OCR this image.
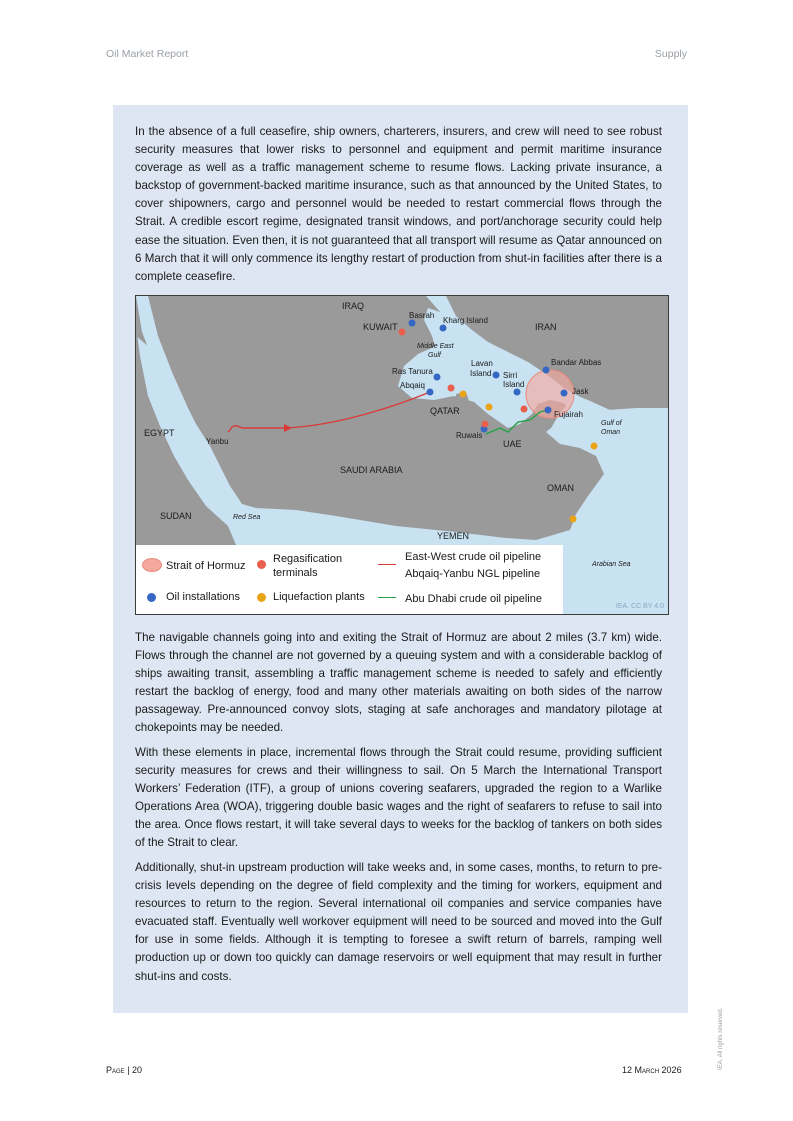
Oil Market Report	Supply

In the absence of a full ceasefire, ship owners, charterers, insurers, and crew will need to see robust security measures that lower risks to personnel and equipment and permit maritime insurance coverage as well as a traffic management scheme to resume flows. Lacking private insurance, a backstop of government-backed maritime insurance, such as that announced by the United States, to cover shipowners, cargo and personnel would be needed to restart commercial flows through the Strait. A credible escort regime, designated transit windows, and port/anchorage security could help ease the situation. Even then, it is not guaranteed that all transport will resume as Qatar announced on 6 March that it will only commence its lengthy restart of production from shut-in facilities after there is a complete ceasefire.

IRAQ
KUWAIT	IRAN
QATAR
EGYPT
SAUDI ARABIA
UAE
OMAN
SUDAN
YEMEN
Basrah
Kharg Island
Ras Tanura
Abqaiq
Lavan
Island Sirri
Island
Bandar Abbas
Jask
Fujairah
Yanbu
Ruwais
Middle East
Gulf
Gulf of
Oman
Red Sea
Arabian Sea
Strait of Hormuz
Regasification
terminals
East-West crude oil pipeline
Abqaiq-Yanbu NGL pipeline
Oil installations	Liquefaction plants	Abu Dhabi crude oil pipeline
IEA. CC BY 4.0

The navigable channels going into and exiting the Strait of Hormuz are about 2 miles (3.7 km) wide. Flows through the channel are not governed by a queuing system and with a considerable backlog of ships awaiting transit, assembling a traffic management scheme is needed to safely and efficiently restart the backlog of energy, food and many other materials awaiting on both sides of the narrow passageway. Pre-announced convoy slots, staging at safe anchorages and mandatory pilotage at chokepoints may be needed.

With these elements in place, incremental flows through the Strait could resume, providing sufficient security measures for crews and their willingness to sail. On 5 March the International Transport Workers’ Federation (ITF), a group of unions covering seafarers, upgraded the region to a Warlike Operations Area (WOA), triggering double basic wages and the right of seafarers to refuse to sail into the area. Once flows restart, it will take several days to weeks for the backlog of tankers on both sides of the Strait to clear.

Additionally, shut-in upstream production will take weeks and, in some cases, months, to return to pre-crisis levels depending on the degree of field complexity and the timing for workers, equipment and resources to return to the region. Several international oil companies and service companies have evacuated staff. Eventually well workover equipment will need to be sourced and moved into the Gulf for use in some fields. Although it is tempting to foresee a swift return of barrels, ramping well production up or down too quickly can damage reservoirs or well equipment that may result in further shut-ins and costs.

Page | 20	12 March 2026	IEA. All rights reserved.
